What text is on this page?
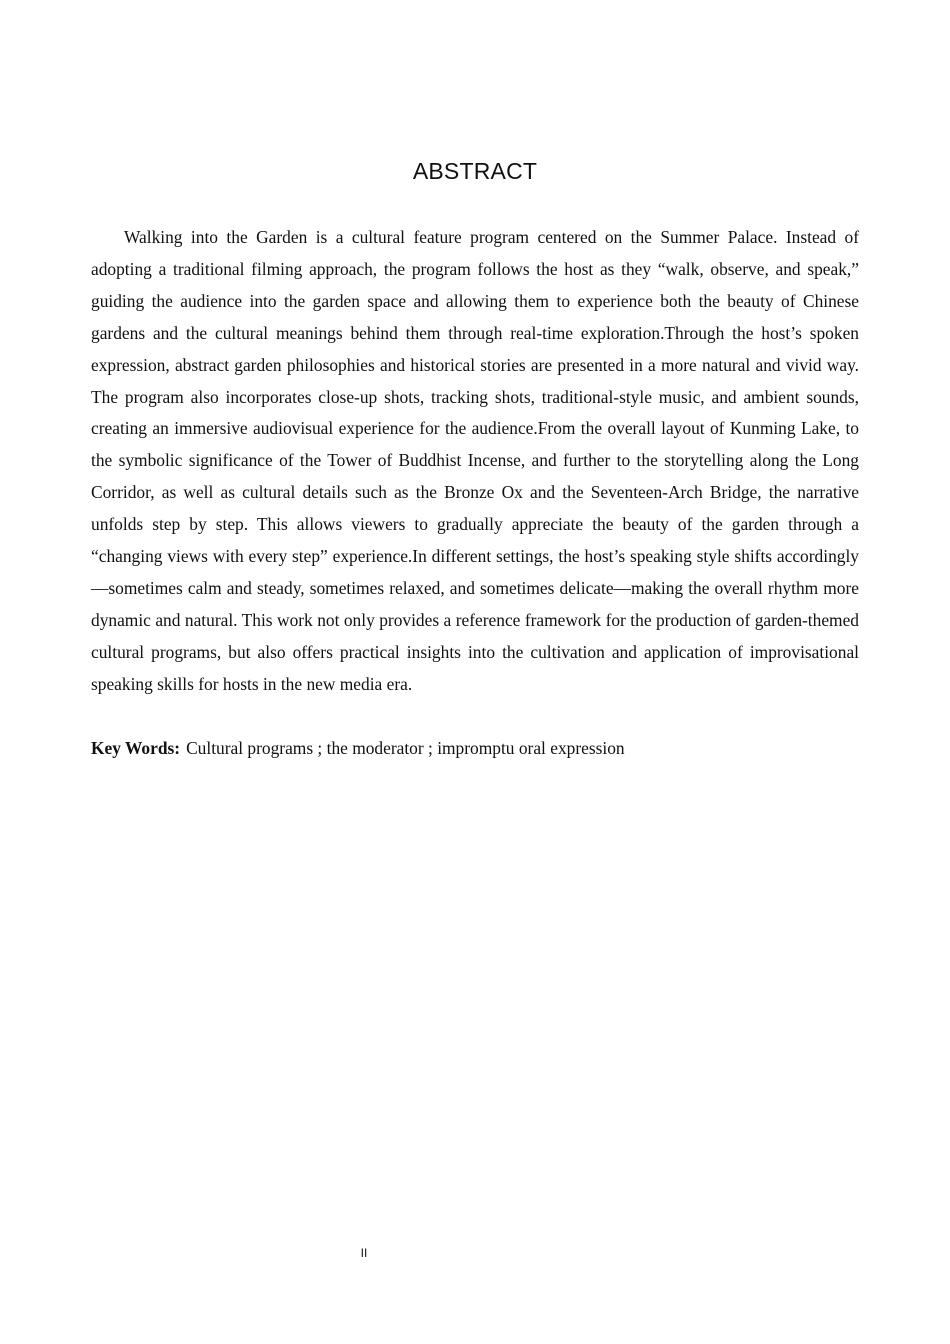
ABSTRACT

Walking into the Garden is a cultural feature program centered on the Summer Palace. Instead of adopting a traditional filming approach, the program follows the host as they “walk, observe, and speak,” guiding the audience into the garden space and allowing them to experience both the beauty of Chinese gardens and the cultural meanings behind them through real-time exploration.Through the host’s spoken expression, abstract garden philosophies and historical stories are presented in a more natural and vivid way. The program also incorporates close-up shots, tracking shots, traditional-style music, and ambient sounds, creating an immersive audiovisual experience for the audience.From the overall layout of Kunming Lake, to the symbolic significance of the Tower of Buddhist Incense, and further to the storytelling along the Long Corridor, as well as cultural details such as the Bronze Ox and the Seventeen-Arch Bridge, the narrative unfolds step by step. This allows viewers to gradually appreciate the beauty of the garden through a “changing views with every step” experience.In different settings, the host’s speaking style shifts accordingly—sometimes calm and steady, sometimes relaxed, and sometimes delicate—making the overall rhythm more dynamic and natural. This work not only provides a reference framework for the production of garden-themed cultural programs, but also offers practical insights into the cultivation and application of improvisational speaking skills for hosts in the new media era.

Key Words: Cultural programs ; the moderator ; impromptu oral expression

II
